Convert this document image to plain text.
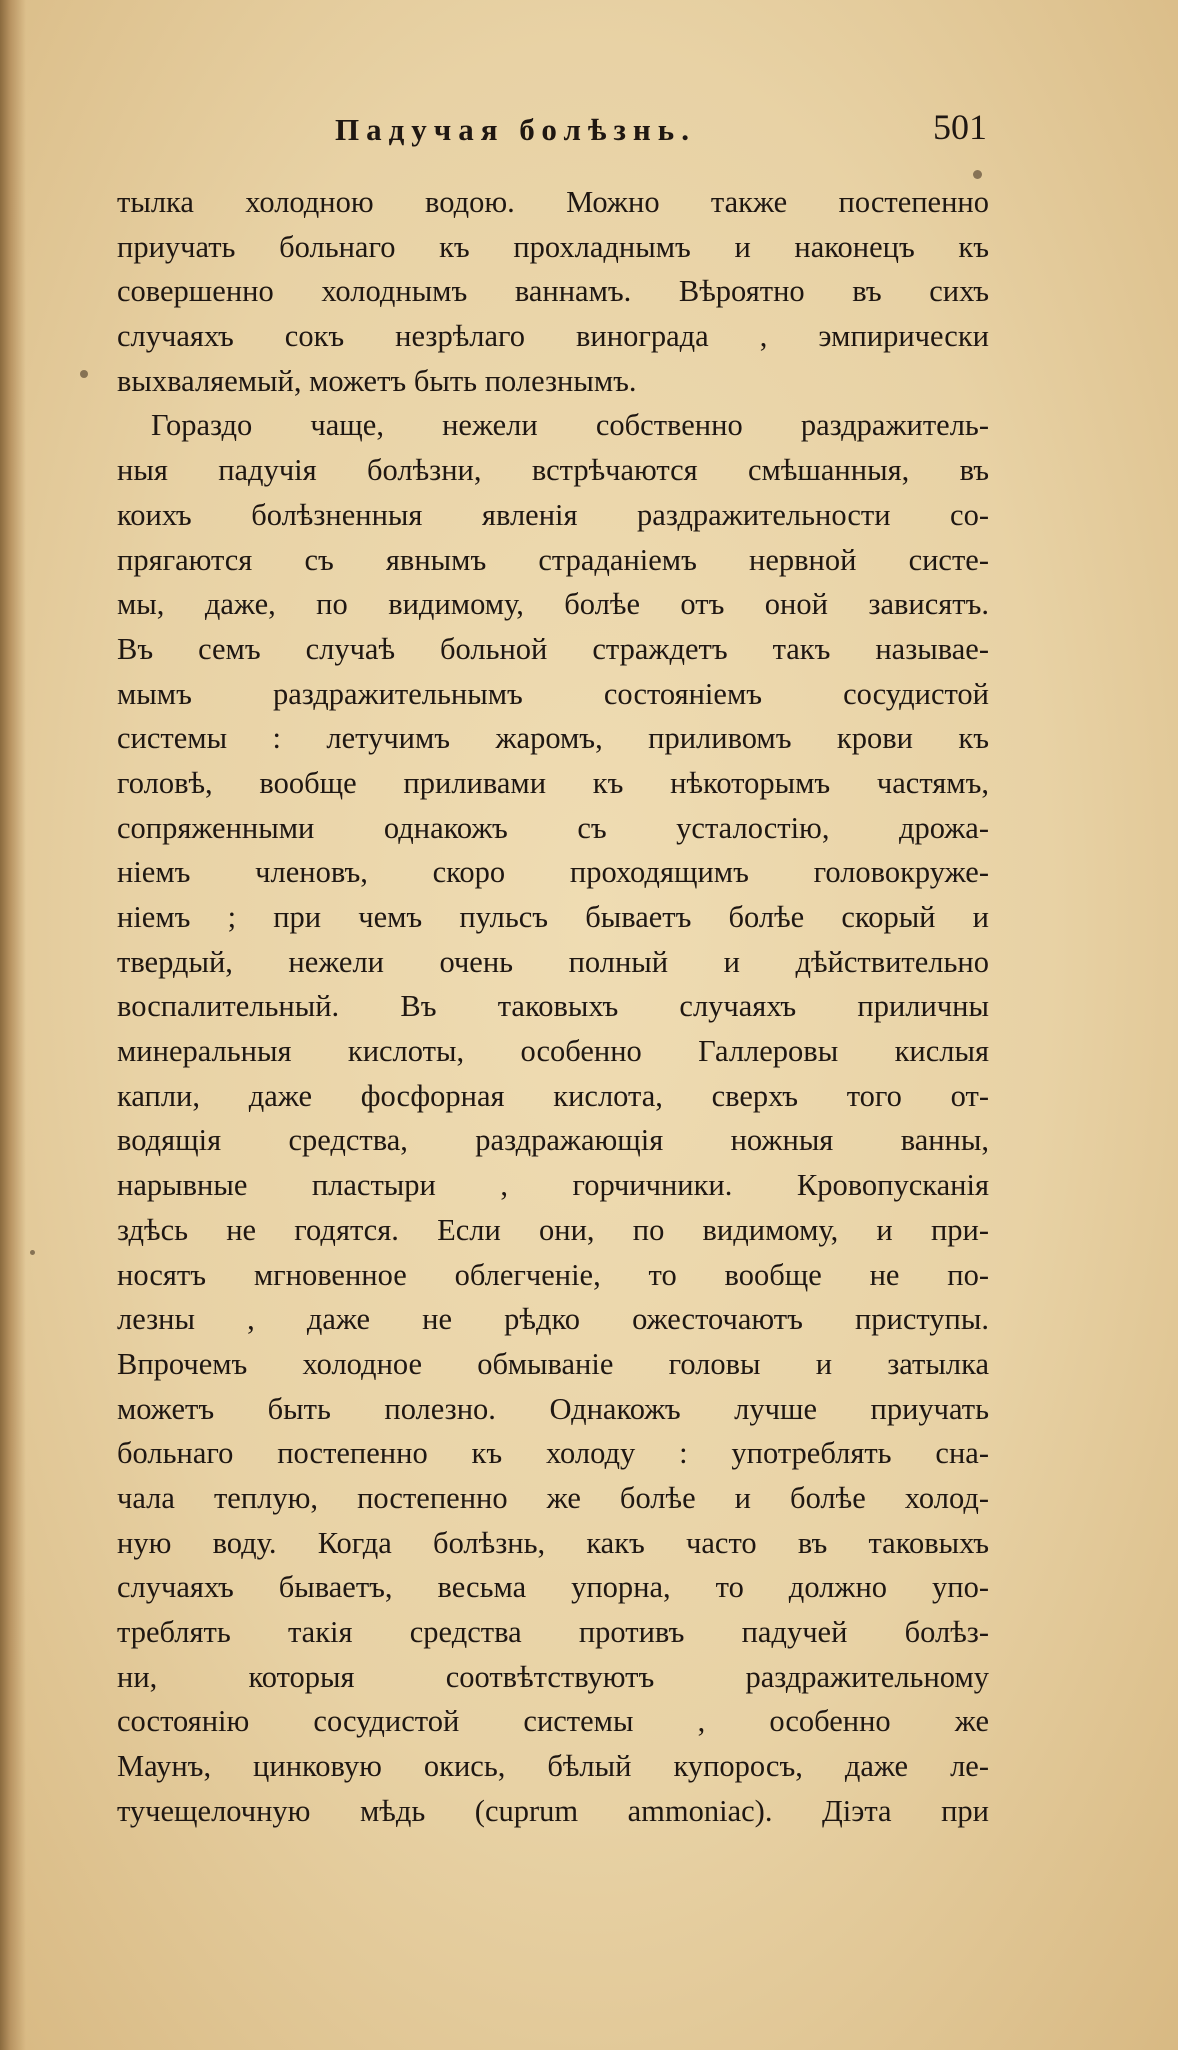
Падучая болѣзнь.	501
тылка холодною водою. Можно также постепенно
приучать больнаго къ прохладнымъ и наконецъ къ
совершенно холоднымъ ваннамъ. Вѣроятно въ сихъ
случаяхъ сокъ незрѣлаго винограда , эмпирически
выхваляемый, можетъ быть полезнымъ.
Гораздо чаще, нежели собственно раздражитель-
ныя падучія болѣзни, встрѣчаются смѣшанныя, въ
коихъ болѣзненныя явленія раздражительности со-
прягаются съ явнымъ страданіемъ нервной систе-
мы, даже, по видимому, болѣе отъ оной зависятъ.
Въ семъ случаѣ больной страждетъ такъ называе-
мымъ раздражительнымъ состояніемъ сосудистой
системы : летучимъ жаромъ, приливомъ крови къ
головѣ, вообще приливами къ нѣкоторымъ частямъ,
сопряженными однакожъ съ усталостію, дрожа-
ніемъ членовъ, скоро проходящимъ головокруже-
ніемъ ; при чемъ пульсъ бываетъ болѣе скорый и
твердый, нежели очень полный и дѣйствительно
воспалительный. Въ таковыхъ случаяхъ приличны
минеральныя кислоты, особенно Галлеровы кислыя
капли, даже фосфорная кислота, сверхъ того от-
водящія средства, раздражающія ножныя ванны,
нарывные пластыри , горчичники. Кровопусканія
здѣсь не годятся. Если они, по видимому, и при-
носятъ мгновенное облегченіе, то вообще не по-
лезны , даже не рѣдко ожесточаютъ приступы.
Впрочемъ холодное обмываніе головы и затылка
можетъ быть полезно. Однакожъ лучше приучать
больнаго постепенно къ холоду : употреблять сна-
чала теплую, постепенно же болѣе и болѣе холод-
ную воду. Когда болѣзнь, какъ часто въ таковыхъ
случаяхъ бываетъ, весьма упорна, то должно упо-
треблять такія средства противъ падучей болѣз-
ни, которыя соотвѣтствуютъ раздражительному
состоянію сосудистой системы , особенно же
Маунъ, цинковую окись, бѣлый купоросъ, даже ле-
тучещелочную мѣдь (cuprum ammoniac). Діэта при
